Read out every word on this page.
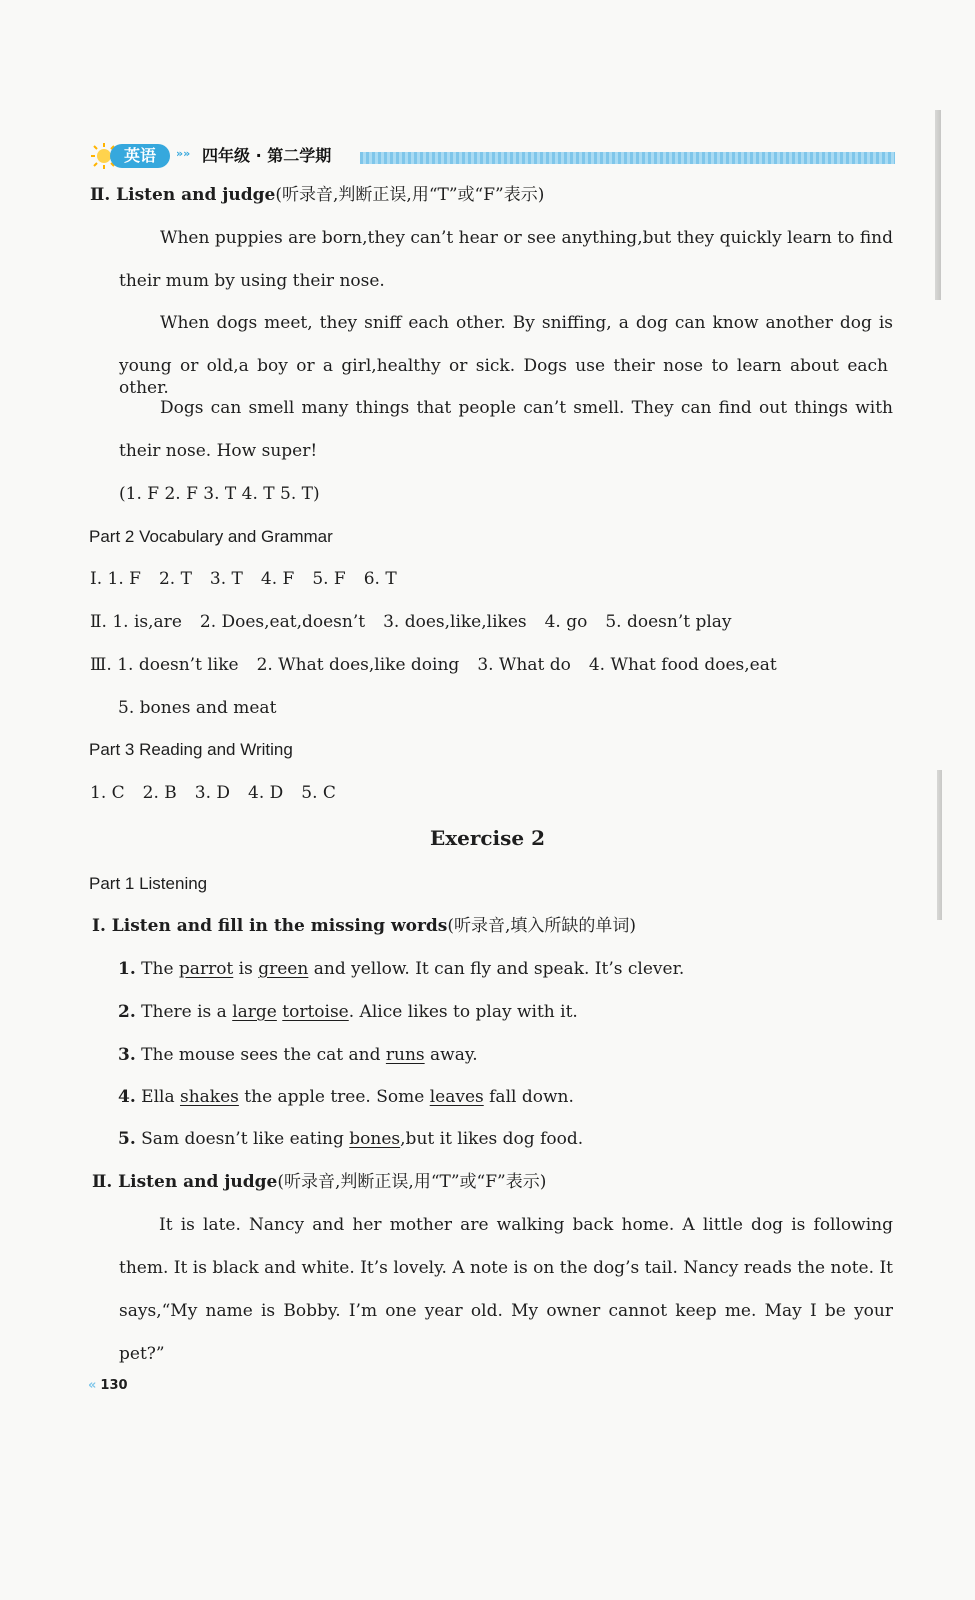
英语	»» 四年级 · 第二学期
Ⅱ. Listen and judge(听录音,判断正误,用“T”或“F”表示)
When puppies are born,they can’t hear or see anything,but they quickly learn to find
their mum by using their nose.
When dogs meet, they sniff each other. By sniffing, a dog can know another dog is
young or old,a boy or a girl,healthy or sick. Dogs use their nose to learn about each other.
Dogs can smell many things that people can’t smell. They can find out things with
their nose. How super!
(1. F 2. F 3. T 4. T 5. T)
Part 2 Vocabulary and Grammar
Ⅰ. 1. F 2. T 3. T 4. F 5. F 6. T
Ⅱ. 1. is,are 2. Does,eat,doesn’t 3. does,like,likes 4. go 5. doesn’t play
Ⅲ. 1. doesn’t like 2. What does,like doing 3. What do 4. What food does,eat
5. bones and meat
Part 3 Reading and Writing
1. C 2. B 3. D 4. D 5. C
Exercise 2
Part 1 Listening
Ⅰ. Listen and fill in the missing words(听录音,填入所缺的单词)
1. The parrot is green and yellow. It can fly and speak. It’s clever.
2. There is a large tortoise. Alice likes to play with it.
3. The mouse sees the cat and runs away.
4. Ella shakes the apple tree. Some leaves fall down.
5. Sam doesn’t like eating bones,but it likes dog food.
Ⅱ. Listen and judge(听录音,判断正误,用“T”或“F”表示)
It is late. Nancy and her mother are walking back home. A little dog is following
them. It is black and white. It’s lovely. A note is on the dog’s tail. Nancy reads the note. It
says,“My name is Bobby. I’m one year old. My owner cannot keep me. May I be your
pet?”
« 130
